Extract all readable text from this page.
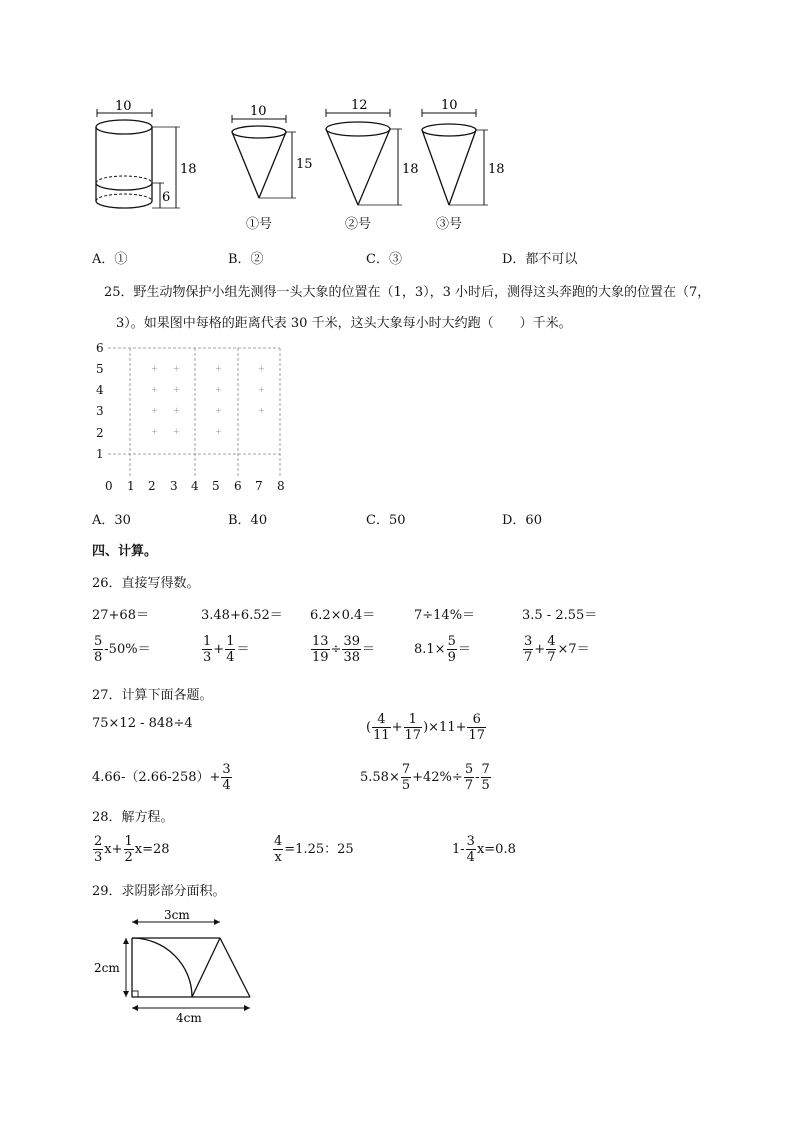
10
18
6
10
15
①号
12
18
②号
10
18
③号
A．①	B．②	C．③	D．都不可以
25．野生动物保护小组先测得一头大象的位置在（1，3），3 小时后，测得这头奔跑的大象的位置在（7，
3）。如果图中每格的距离代表 30 千米，这头大象每小时大约跑（　　）千米。
6
5
4
3
2
1
0 1 2 3 4 5 6 7 8
+ +	+	+
+ +	+	+
+ +	+	+
+ +	+
A．30	B．40	C．50	D．60
四、计算。
26．直接写得数。
27+68＝	3.48+6.52＝ 6.2×0.4＝	7÷14%＝	3.5 - 2.55＝
$\frac{5}{8} -50\%=$	$\frac{1}{3} + \frac{1}{4}$ ＝	$\frac{13}{19} \div \frac{39}{38}$ ＝	$8.1\times \frac{5}{9}$ ＝	$\frac{3}{7} + \frac{4}{7} \times 7=$
27．计算下面各题。
75×12 - 848÷4	( $\frac{4}{11} + \frac{1}{17} )\times 11+ \frac{6}{17}$
$4.66-(2.66-258)+ \frac{3}{4}$	$5.58\times \frac{7}{5} +42\%\div \frac{5}{7} - \frac{7}{5}$
28．解方程。
$\frac{2}{3} x+ \frac{1}{2} x=28$	$\frac{4}{x} =1.25$：25	$1- \frac{3}{4} x=0.8$
29．求阴影部分面积。
3cm
2cm
4cm
